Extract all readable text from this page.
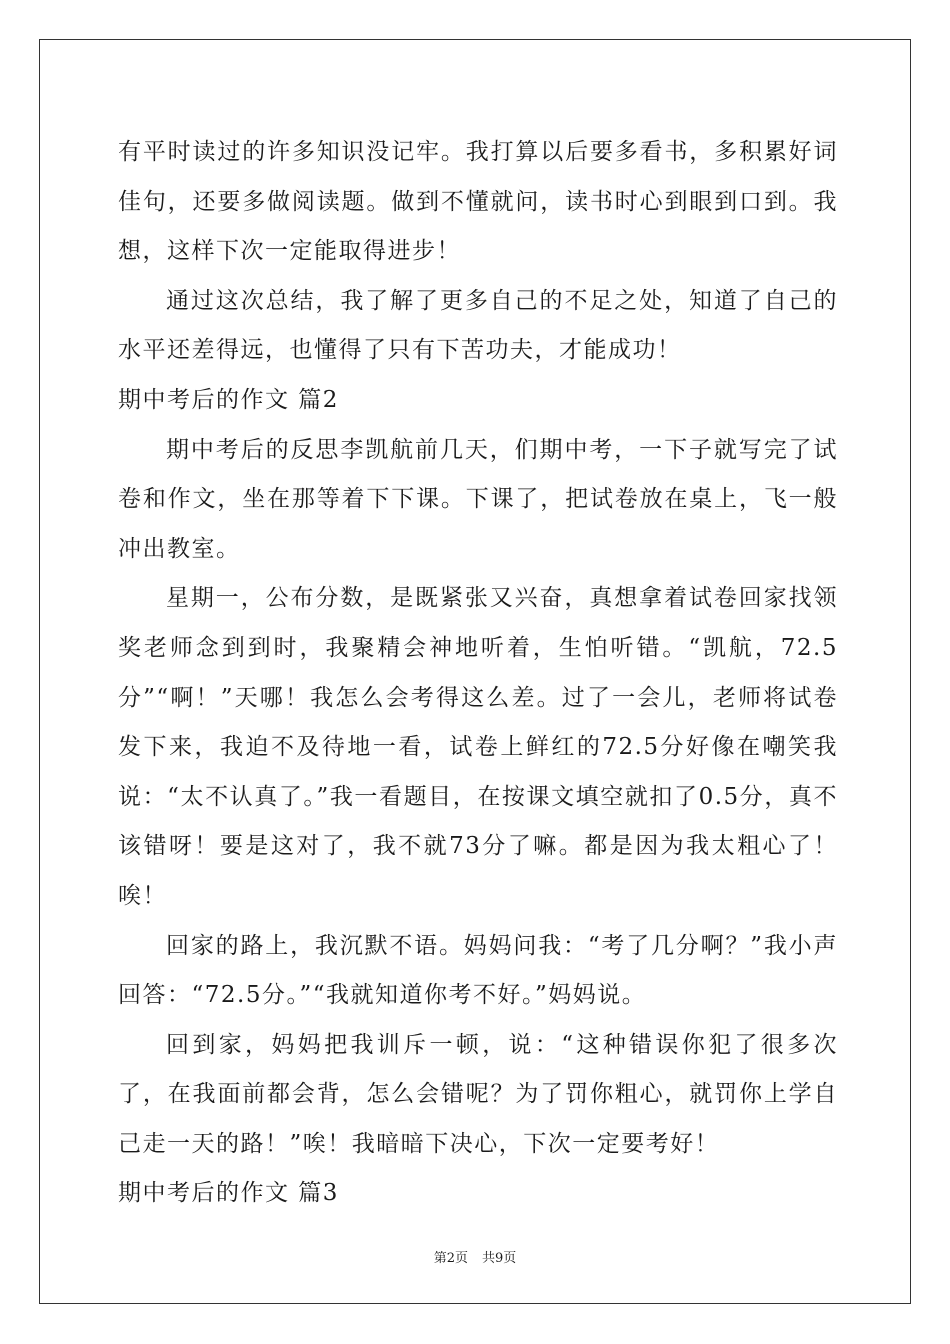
有平时读过的许多知识没记牢。我打算以后要多看书，多积累好词佳句，还要多做阅读题。做到不懂就问，读书时心到眼到口到。我想，这样下次一定能取得进步！

通过这次总结，我了解了更多自己的不足之处，知道了自己的水平还差得远，也懂得了只有下苦功夫，才能成功！

期中考后的作文 篇2

期中考后的反思李凯航前几天，们期中考，一下子就写完了试卷和作文，坐在那等着下下课。下课了，把试卷放在桌上，飞一般冲出教室。

星期一，公布分数，是既紧张又兴奋，真想拿着试卷回家找领奖老师念到到时，我聚精会神地听着，生怕听错。“凯航，72.5分”“啊！”天哪！我怎么会考得这么差。过了一会儿，老师将试卷发下来，我迫不及待地一看，试卷上鲜红的72.5分好像在嘲笑我说：“太不认真了。”我一看题目，在按课文填空就扣了0.5分，真不该错呀！要是这对了，我不就73分了嘛。都是因为我太粗心了！唉！

回家的路上，我沉默不语。妈妈问我：“考了几分啊？”我小声回答：“72.5分。”“我就知道你考不好。”妈妈说。

回到家，妈妈把我训斥一顿，说：“这种错误你犯了很多次了，在我面前都会背，怎么会错呢？为了罚你粗心，就罚你上学自己走一天的路！”唉！我暗暗下决心，下次一定要考好！

期中考后的作文 篇3

第2页 共9页
